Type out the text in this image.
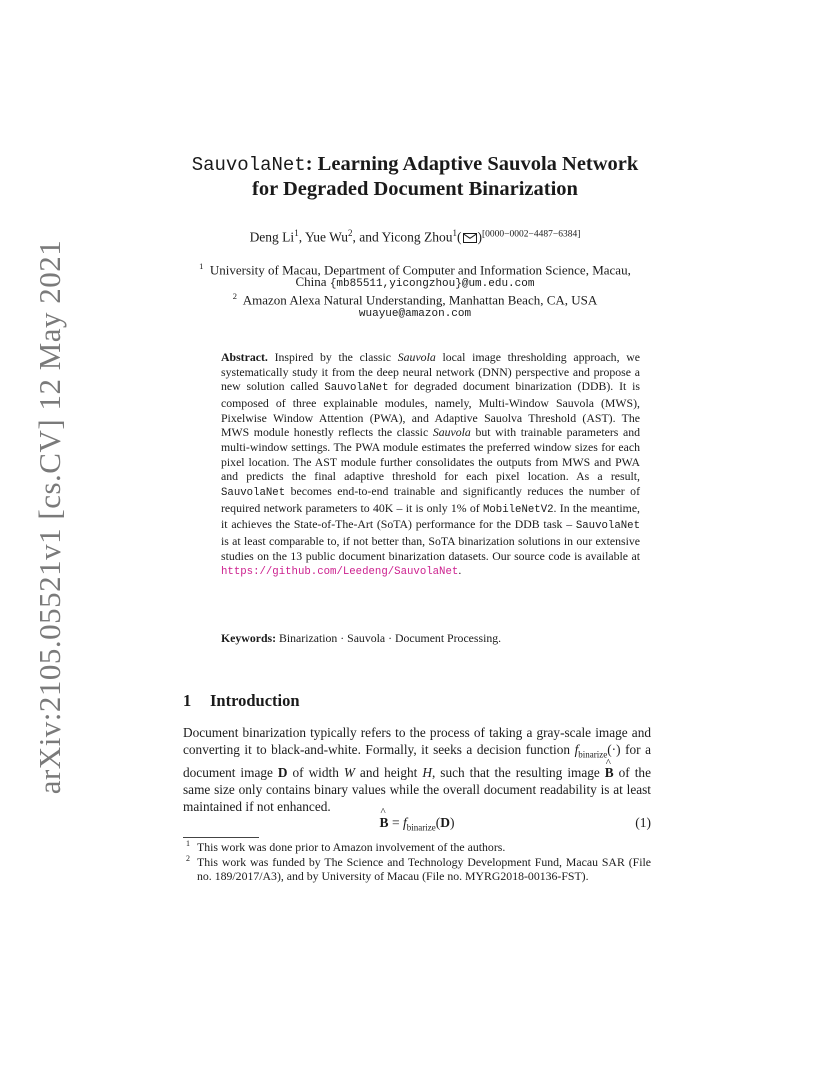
arXiv:2105.05521v1 [cs.CV] 12 May 2021
SauvolaNet: Learning Adaptive Sauvola Network
for Degraded Document Binarization
Deng Li$^1$, Yue Wu$^2$, and Yicong Zhou$^1$( )[0000−0002−4487−6384]
$^1$ University of Macau, Department of Computer and Information Science, Macau,
China {mb85511,yicongzhou}@um.edu.com
$^2$ Amazon Alexa Natural Understanding, Manhattan Beach, CA, USA
wuayue@amazon.com
Abstract. Inspired by the classic Sauvola local image thresholding approach, we systematically study it from the deep neural network (DNN) perspective and propose a new solution called SauvolaNet for degraded document binarization (DDB). It is composed of three explainable modules, namely, Multi-Window Sauvola (MWS), Pixelwise Window Attention (PWA), and Adaptive Sauolva Threshold (AST). The MWS module honestly reflects the classic Sauvola but with trainable parameters and multi-window settings. The PWA module estimates the preferred window sizes for each pixel location. The AST module further consolidates the outputs from MWS and PWA and predicts the final adaptive threshold for each pixel location. As a result, SauvolaNet becomes end-to-end trainable and significantly reduces the number of required network parameters to 40K – it is only 1% of MobileNetV2. In the meantime, it achieves the State-of-The-Art (SoTA) performance for the DDB task – SauvolaNet is at least comparable to, if not better than, SoTA binarization solutions in our extensive studies on the 13 public document binarization datasets. Our source code is available at https://github.com/Leedeng/SauvolaNet.
Keywords: Binarization · Sauvola · Document Processing.
1 Introduction
Document binarization typically refers to the process of taking a gray-scale image and converting it to black-and-white. Formally, it seeks a decision function $f_{binarize}(\cdot)$ for a document image D of width W and height H, such that the resulting image ^ B of the same size only contains binary values while the overall document readability is at least maintained if not enhanced.
^ $B = f_{binarize}(D)$	(1)
1 This work was done prior to Amazon involvement of the authors.
2 This work was funded by The Science and Technology Development Fund, Macau SAR (File no. 189/2017/A3), and by University of Macau (File no. MYRG2018-00136-FST).
